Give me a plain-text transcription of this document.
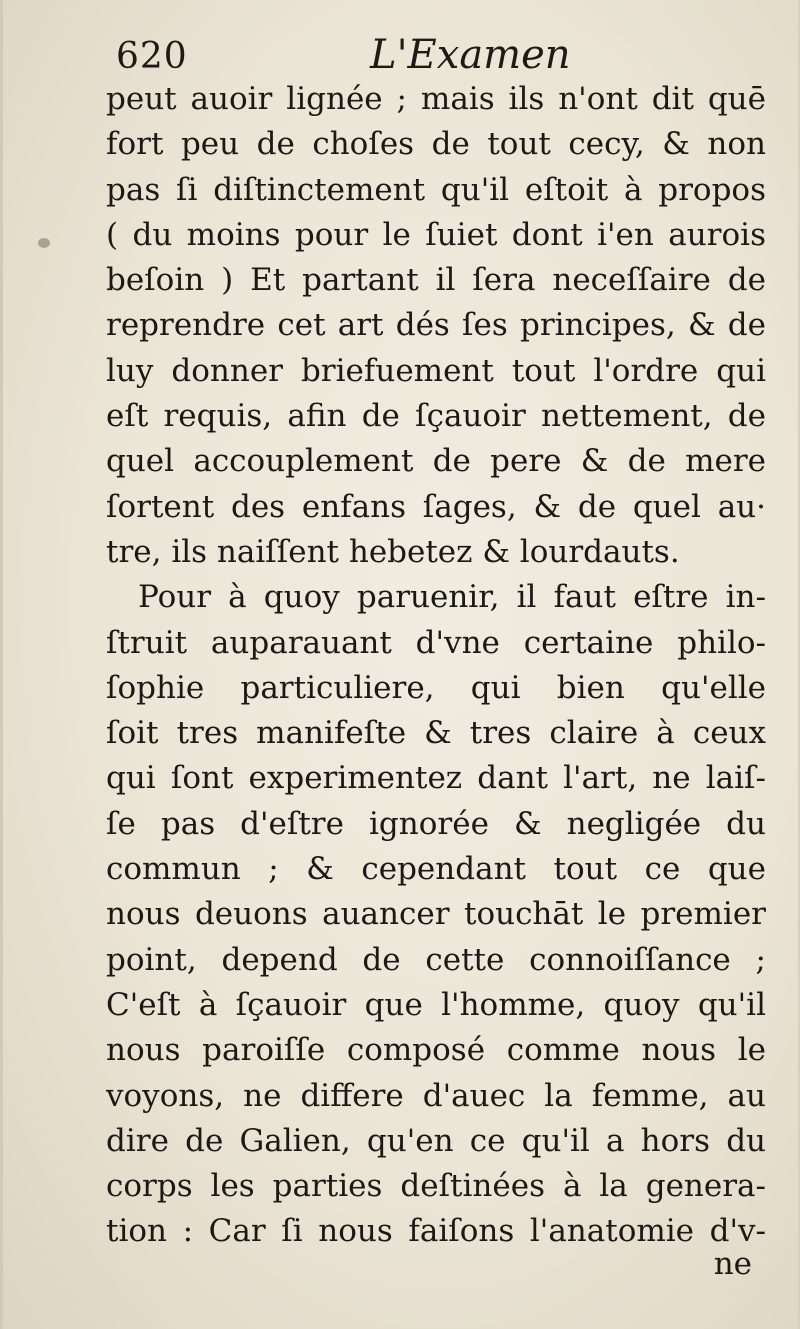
620	L'Examen
peut auoir lignée ; mais ils n'ont dit quē
fort peu de choſes de tout cecy, & non
pas ſi diſtinctement qu'il eſtoit à propos
( du moins pour le ſuiet dont i'en aurois
beſoin ) Et partant il ſera neceſſaire de
reprendre cet art dés ſes principes, & de
luy donner briefuement tout l'ordre qui
eſt requis, afin de ſçauoir nettement, de
quel accouplement de pere & de mere
ſortent des enfans ſages, & de quel au·
tre, ils naiſſent hebetez & lourdauts.
Pour à quoy paruenir, il faut eſtre in-
ſtruit auparauant d'vne certaine philo-
ſophie particuliere, qui bien qu'elle
ſoit tres manifeſte & tres claire à ceux
qui ſont experimentez dant l'art, ne laiſ-
ſe pas d'eſtre ignorée & negligée du
commun ; & cependant tout ce que
nous deuons auancer touchāt le premier
point, depend de cette connoiſſance ;
C'eſt à ſçauoir que l'homme, quoy qu'il
nous paroiſſe composé comme nous le
voyons, ne differe d'auec la femme, au
dire de Galien, qu'en ce qu'il a hors du
corps les parties deſtinées à la genera-
tion : Car ſi nous faiſons l'anatomie d'v-
ne
